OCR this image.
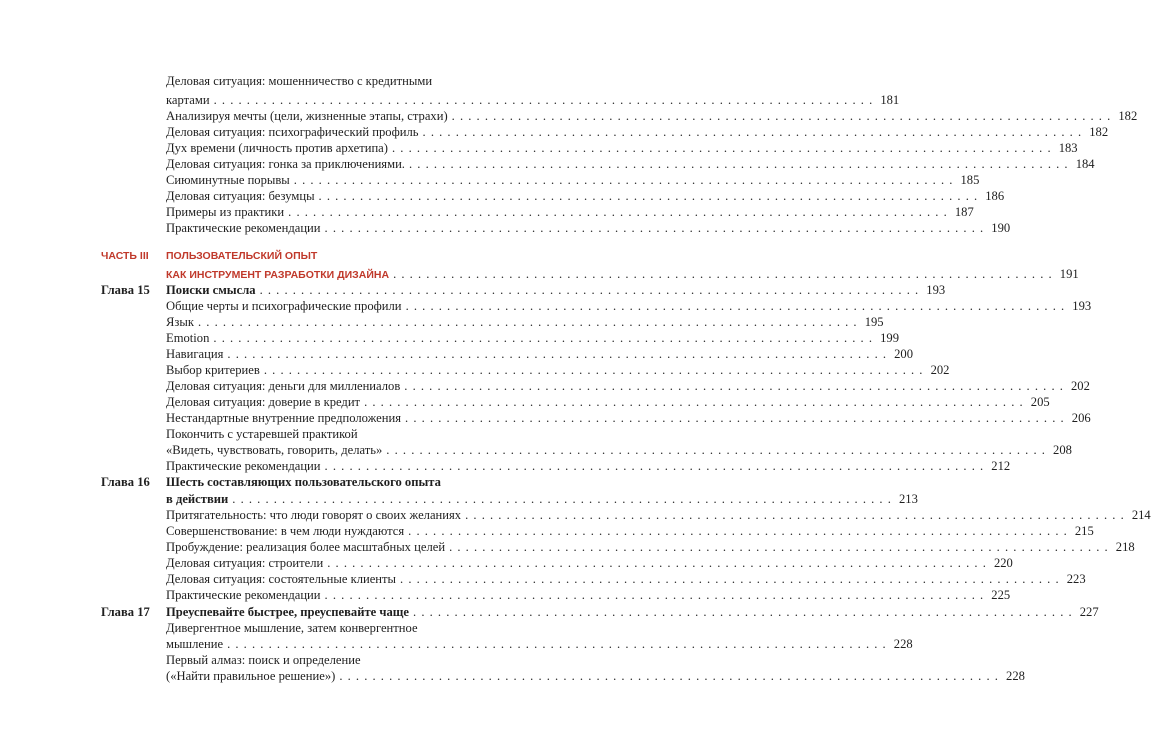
Деловая ситуация: мошенничество с кредитными
картами . . . . . . . . . . . . . . . . . . . . . . . . . . . . . . . . . . . . . . . . . . . . . . . . . . . . . . . . . . . . . . . . . . . . . . . . . . . . . . . . 181
Анализируя мечты (цели, жизненные этапы, страхи) . . . . . . . . . . . . . . . . . . . . . . . . . . . . . . . . . . . . . . . . . . . . . . . . . . . . . . . . . . . . . . . . . . . . . . . . . . . . . . . . 182
Деловая ситуация: психографический профиль . . . . . . . . . . . . . . . . . . . . . . . . . . . . . . . . . . . . . . . . . . . . . . . . . . . . . . . . . . . . . . . . . . . . . . . . . . . . . . . . 182
Дух времени (личность против архетипа) . . . . . . . . . . . . . . . . . . . . . . . . . . . . . . . . . . . . . . . . . . . . . . . . . . . . . . . . . . . . . . . . . . . . . . . . . . . . . . . . 183
Деловая ситуация: гонка за приключениями. . . . . . . . . . . . . . . . . . . . . . . . . . . . . . . . . . . . . . . . . . . . . . . . . . . . . . . . . . . . . . . . . . . . . . . . . . . . . . . . . 184
Сиюминутные порывы . . . . . . . . . . . . . . . . . . . . . . . . . . . . . . . . . . . . . . . . . . . . . . . . . . . . . . . . . . . . . . . . . . . . . . . . . . . . . . . . 185
Деловая ситуация: безумцы . . . . . . . . . . . . . . . . . . . . . . . . . . . . . . . . . . . . . . . . . . . . . . . . . . . . . . . . . . . . . . . . . . . . . . . . . . . . . . . . 186
Примеры из практики . . . . . . . . . . . . . . . . . . . . . . . . . . . . . . . . . . . . . . . . . . . . . . . . . . . . . . . . . . . . . . . . . . . . . . . . . . . . . . . . 187
Практические рекомендации . . . . . . . . . . . . . . . . . . . . . . . . . . . . . . . . . . . . . . . . . . . . . . . . . . . . . . . . . . . . . . . . . . . . . . . . . . . . . . . . 190
ЧАСТЬ III ПОЛЬЗОВАТЕЛЬСКИЙ ОПЫТ
КАК ИНСТРУМЕНТ РАЗРАБОТКИ ДИЗАЙНА . . . . . . . . . . . . . . . . . . . . . . . . . . . . . . . . . . . . . . . . . . . . . . . . . . . . . . . . . . . . . . . . . . . . . . . . . . . . . . . . 191
Глава 15 Поиски смысла . . . . . . . . . . . . . . . . . . . . . . . . . . . . . . . . . . . . . . . . . . . . . . . . . . . . . . . . . . . . . . . . . . . . . . . . . . . . . . . . 193
Общие черты и психографические профили . . . . . . . . . . . . . . . . . . . . . . . . . . . . . . . . . . . . . . . . . . . . . . . . . . . . . . . . . . . . . . . . . . . . . . . . . . . . . . . . 193
Язык . . . . . . . . . . . . . . . . . . . . . . . . . . . . . . . . . . . . . . . . . . . . . . . . . . . . . . . . . . . . . . . . . . . . . . . . . . . . . . . . 195
Emotion . . . . . . . . . . . . . . . . . . . . . . . . . . . . . . . . . . . . . . . . . . . . . . . . . . . . . . . . . . . . . . . . . . . . . . . . . . . . . . . . 199
Навигация . . . . . . . . . . . . . . . . . . . . . . . . . . . . . . . . . . . . . . . . . . . . . . . . . . . . . . . . . . . . . . . . . . . . . . . . . . . . . . . . 200
Выбор критериев . . . . . . . . . . . . . . . . . . . . . . . . . . . . . . . . . . . . . . . . . . . . . . . . . . . . . . . . . . . . . . . . . . . . . . . . . . . . . . . . 202
Деловая ситуация: деньги для миллениалов . . . . . . . . . . . . . . . . . . . . . . . . . . . . . . . . . . . . . . . . . . . . . . . . . . . . . . . . . . . . . . . . . . . . . . . . . . . . . . . . 202
Деловая ситуация: доверие в кредит . . . . . . . . . . . . . . . . . . . . . . . . . . . . . . . . . . . . . . . . . . . . . . . . . . . . . . . . . . . . . . . . . . . . . . . . . . . . . . . . 205
Нестандартные внутренние предположения . . . . . . . . . . . . . . . . . . . . . . . . . . . . . . . . . . . . . . . . . . . . . . . . . . . . . . . . . . . . . . . . . . . . . . . . . . . . . . . . 206
Покончить с устаревшей практикой
«Видеть, чувствовать, говорить, делать» . . . . . . . . . . . . . . . . . . . . . . . . . . . . . . . . . . . . . . . . . . . . . . . . . . . . . . . . . . . . . . . . . . . . . . . . . . . . . . . . 208
Практические рекомендации . . . . . . . . . . . . . . . . . . . . . . . . . . . . . . . . . . . . . . . . . . . . . . . . . . . . . . . . . . . . . . . . . . . . . . . . . . . . . . . . 212
Глава 16 Шесть составляющих пользовательского опыта
в действии . . . . . . . . . . . . . . . . . . . . . . . . . . . . . . . . . . . . . . . . . . . . . . . . . . . . . . . . . . . . . . . . . . . . . . . . . . . . . . . . 213
Притягательность: что люди говорят о своих желаниях . . . . . . . . . . . . . . . . . . . . . . . . . . . . . . . . . . . . . . . . . . . . . . . . . . . . . . . . . . . . . . . . . . . . . . . . . . . . . . . . 214
Совершенствование: в чем люди нуждаются . . . . . . . . . . . . . . . . . . . . . . . . . . . . . . . . . . . . . . . . . . . . . . . . . . . . . . . . . . . . . . . . . . . . . . . . . . . . . . . . 215
Пробуждение: реализация более масштабных целей . . . . . . . . . . . . . . . . . . . . . . . . . . . . . . . . . . . . . . . . . . . . . . . . . . . . . . . . . . . . . . . . . . . . . . . . . . . . . . . . 218
Деловая ситуация: строители . . . . . . . . . . . . . . . . . . . . . . . . . . . . . . . . . . . . . . . . . . . . . . . . . . . . . . . . . . . . . . . . . . . . . . . . . . . . . . . . 220
Деловая ситуация: состоятельные клиенты . . . . . . . . . . . . . . . . . . . . . . . . . . . . . . . . . . . . . . . . . . . . . . . . . . . . . . . . . . . . . . . . . . . . . . . . . . . . . . . . 223
Практические рекомендации . . . . . . . . . . . . . . . . . . . . . . . . . . . . . . . . . . . . . . . . . . . . . . . . . . . . . . . . . . . . . . . . . . . . . . . . . . . . . . . . 225
Глава 17 Преуспевайте быстрее, преуспевайте чаще . . . . . . . . . . . . . . . . . . . . . . . . . . . . . . . . . . . . . . . . . . . . . . . . . . . . . . . . . . . . . . . . . . . . . . . . . . . . . . . . 227
Дивергентное мышление, затем конвергентное
мышление . . . . . . . . . . . . . . . . . . . . . . . . . . . . . . . . . . . . . . . . . . . . . . . . . . . . . . . . . . . . . . . . . . . . . . . . . . . . . . . . 228
Первый алмаз: поиск и определение
(«Найти правильное решение») . . . . . . . . . . . . . . . . . . . . . . . . . . . . . . . . . . . . . . . . . . . . . . . . . . . . . . . . . . . . . . . . . . . . . . . . . . . . . . . . 228
